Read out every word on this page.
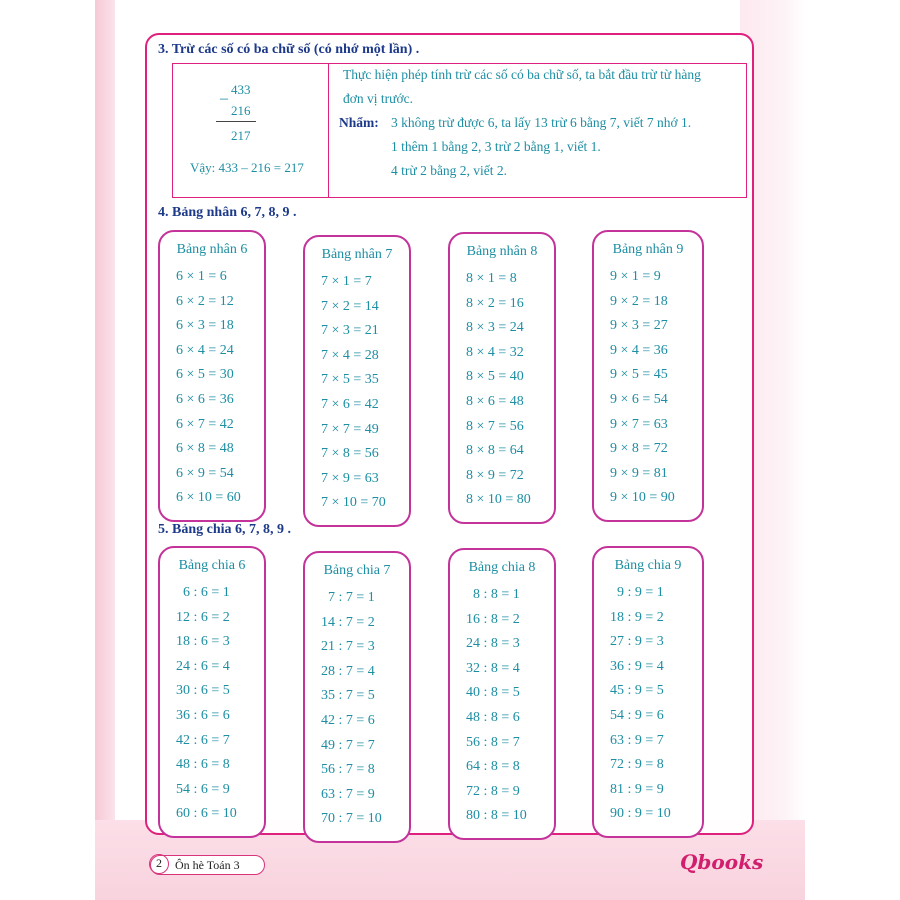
3. Trừ các số có ba chữ số (có nhớ một lần) .
–
433
216
217
Vậy: 433 – 216 = 217
Thực hiện phép tính trừ các số có ba chữ số, ta bắt đầu trừ từ hàng
đơn vị trước.
Nhẩm: 3 không trừ được 6, ta lấy 13 trừ 6 bằng 7, viết 7 nhớ 1.
1 thêm 1 bằng 2, 3 trừ 2 bằng 1, viết 1.
4 trừ 2 bằng 2, viết 2.
4. Bảng nhân 6, 7, 8, 9 .
Bảng nhân 6
6 × 1 = 6
6 × 2 = 12
6 × 3 = 18
6 × 4 = 24
6 × 5 = 30
6 × 6 = 36
6 × 7 = 42
6 × 8 = 48
6 × 9 = 54
6 × 10 = 60
Bảng nhân 7
7 × 1 = 7
7 × 2 = 14
7 × 3 = 21
7 × 4 = 28
7 × 5 = 35
7 × 6 = 42
7 × 7 = 49
7 × 8 = 56
7 × 9 = 63
7 × 10 = 70
Bảng nhân 8
8 × 1 = 8
8 × 2 = 16
8 × 3 = 24
8 × 4 = 32
8 × 5 = 40
8 × 6 = 48
8 × 7 = 56
8 × 8 = 64
8 × 9 = 72
8 × 10 = 80
Bảng nhân 9
9 × 1 = 9
9 × 2 = 18
9 × 3 = 27
9 × 4 = 36
9 × 5 = 45
9 × 6 = 54
9 × 7 = 63
9 × 8 = 72
9 × 9 = 81
9 × 10 = 90
5. Bảng chia 6, 7, 8, 9 .
Bảng chia 6
6 : 6 = 1
12 : 6 = 2
18 : 6 = 3
24 : 6 = 4
30 : 6 = 5
36 : 6 = 6
42 : 6 = 7
48 : 6 = 8
54 : 6 = 9
60 : 6 = 10
Bảng chia 7
7 : 7 = 1
14 : 7 = 2
21 : 7 = 3
28 : 7 = 4
35 : 7 = 5
42 : 7 = 6
49 : 7 = 7
56 : 7 = 8
63 : 7 = 9
70 : 7 = 10
Bảng chia 8
8 : 8 = 1
16 : 8 = 2
24 : 8 = 3
32 : 8 = 4
40 : 8 = 5
48 : 8 = 6
56 : 8 = 7
64 : 8 = 8
72 : 8 = 9
80 : 8 = 10
Bảng chia 9
9 : 9 = 1
18 : 9 = 2
27 : 9 = 3
36 : 9 = 4
45 : 9 = 5
54 : 9 = 6
63 : 9 = 7
72 : 9 = 8
81 : 9 = 9
90 : 9 = 10
2	Ôn hè Toán 3	Qbooks
